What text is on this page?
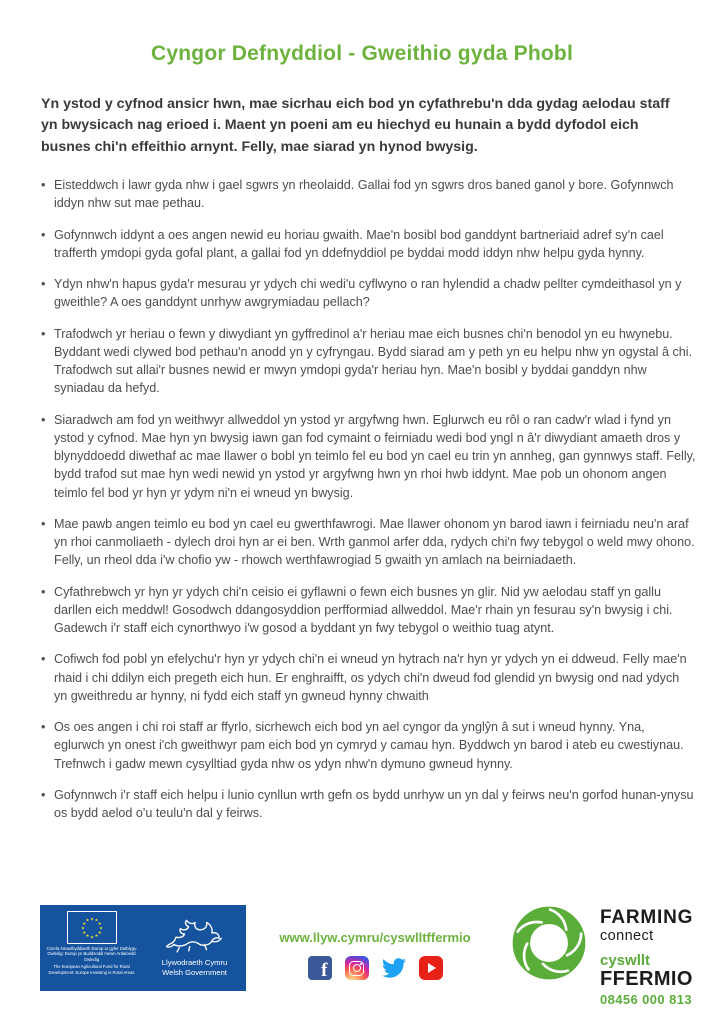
Cyngor Defnyddiol - Gweithio gyda Phobl
Yn ystod y cyfnod ansicr hwn, mae sicrhau eich bod yn cyfathrebu'n dda gydag aelodau staff yn bwysicach nag erioed i. Maent yn poeni am eu hiechyd eu hunain a bydd dyfodol eich busnes chi'n effeithio arnynt. Felly, mae siarad yn hynod bwysig.
• Eisteddwch i lawr gyda nhw i gael sgwrs yn rheolaidd. Gallai fod yn sgwrs dros baned ganol y bore. Gofynnwch iddyn nhw sut mae pethau.
• Gofynnwch iddynt a oes angen newid eu horiau gwaith. Mae'n bosibl bod ganddynt bartneriaid adref sy'n cael trafferth ymdopi gyda gofal plant, a gallai fod yn ddefnyddiol pe byddai modd iddyn nhw helpu gyda hynny.
• Ydyn nhw'n hapus gyda'r mesurau yr ydych chi wedi'u cyflwyno o ran hylendid a chadw pellter cymdeithasol yn y gweithle? A oes ganddynt unrhyw awgrymiadau pellach?
• Trafodwch yr heriau o fewn y diwydiant yn gyffredinol a'r heriau mae eich busnes chi'n benodol yn eu hwynebu. Byddant wedi clywed bod pethau'n anodd yn y cyfryngau. Bydd siarad am y peth yn eu helpu nhw yn ogystal â chi. Trafodwch sut allai'r busnes newid er mwyn ymdopi gyda'r heriau hyn. Mae'n bosibl y byddai ganddyn nhw syniadau da hefyd.
• Siaradwch am fod yn weithwyr allweddol yn ystod yr argyfwng hwn. Eglurwch eu rôl o ran cadw'r wlad i fynd yn ystod y cyfnod. Mae hyn yn bwysig iawn gan fod cymaint o feirniadu wedi bod yngl n â'r diwydiant amaeth dros y blynyddoedd diwethaf ac mae llawer o bobl yn teimlo fel eu bod yn cael eu trin yn annheg, gan gynnwys staff. Felly, bydd trafod sut mae hyn wedi newid yn ystod yr argyfwng hwn yn rhoi hwb iddynt. Mae pob un ohonom angen teimlo fel bod yr hyn yr ydym ni'n ei wneud yn bwysig.
• Mae pawb angen teimlo eu bod yn cael eu gwerthfawrogi. Mae llawer ohonom yn barod iawn i feirniadu neu'n araf yn rhoi canmoliaeth - dylech droi hyn ar ei ben. Wrth ganmol arfer dda, rydych chi'n fwy tebygol o weld mwy ohono. Felly, un rheol dda i'w chofio yw - rhowch werthfawrogiad 5 gwaith yn amlach na beirniadaeth.
• Cyfathrebwch yr hyn yr ydych chi'n ceisio ei gyflawni o fewn eich busnes yn glir. Nid yw aelodau staff yn gallu darllen eich meddwl! Gosodwch ddangosyddion perfformiad allweddol. Mae'r rhain yn fesurau sy'n bwysig i chi. Gadewch i'r staff eich cynorthwyo i'w gosod a byddant yn fwy tebygol o weithio tuag atynt.
• Cofiwch fod pobl yn efelychu'r hyn yr ydych chi'n ei wneud yn hytrach na'r hyn yr ydych yn ei ddweud. Felly mae'n rhaid i chi ddilyn eich pregeth eich hun. Er enghraifft, os ydych chi'n dweud fod glendid yn bwysig ond nad ydych yn gweithredu ar hynny, ni fydd eich staff yn gwneud hynny chwaith
• Os oes angen i chi roi staff ar ffyrlo, sicrhewch eich bod yn ael cyngor da ynglŷn â sut i wneud hynny. Yna, eglurwch yn onest i'ch gweithwyr pam eich bod yn cymryd y camau hyn. Byddwch yn barod i ateb eu cwestiynau. Trefnwch i gadw mewn cysylltiad gyda nhw os ydyn nhw'n dymuno gwneud hynny.
• Gofynnwch i'r staff eich helpu i lunio cynllun wrth gefn os bydd unrhyw un yn dal y feirws neu'n gorfod hunan-ynysu os bydd aelod o'u teulu'n dal y feirws.
★ ★
★
★
★
★
★
★
★
★
★
★
Cronfa Amaethyddiaeth Ewrop ar gyfer Datblygu Gwledig: Ewrop yn Buddsoddi mewn Ardaloedd Gwledig
The European Agricultural Fund for Rural Development: Europe Investing in Rural Areas
Llywodraeth Cymru
Welsh Government
www.llyw.cymru/cyswlltffermio
f
FARMING
connect
cyswllt
FFERMIO
08456 000 813
